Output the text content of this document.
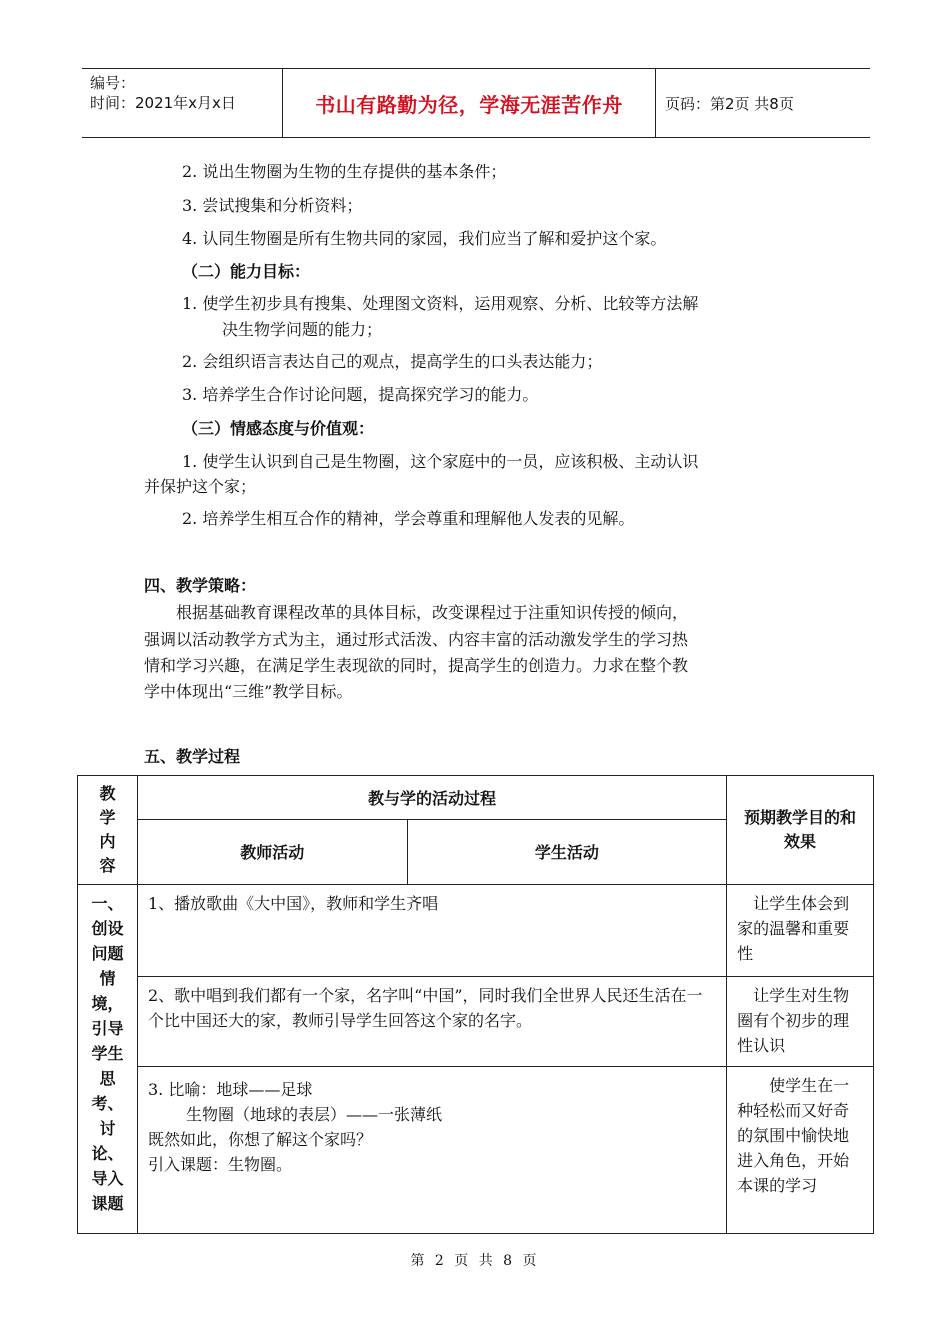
编号：
时间：2021年x月x日	书山有路勤为径，学海无涯苦作舟	页码：第2页 共8页
2. 说出生物圈为生物的生存提供的基本条件；
3. 尝试搜集和分析资料；
4. 认同生物圈是所有生物共同的家园，我们应当了解和爱护这个家。
（二）能力目标：
1. 使学生初步具有搜集、处理图文资料，运用观察、分析、比较等方法解
决生物学问题的能力；
2. 会组织语言表达自己的观点，提高学生的口头表达能力；
3. 培养学生合作讨论问题，提高探究学习的能力。
（三）情感态度与价值观：
1. 使学生认识到自己是生物圈，这个家庭中的一员，应该积极、主动认识
并保护这个家；
2. 培养学生相互合作的精神，学会尊重和理解他人发表的见解。
四、教学策略：
根据基础教育课程改革的具体目标，改变课程过于注重知识传授的倾向，
强调以活动教学方式为主，通过形式活泼、内容丰富的活动激发学生的学习热
情和学习兴趣，在满足学生表现欲的同时，提高学生的创造力。力求在整个教
学中体现出“三维”教学目标。
五、教学过程
教学内容	教与学的活动过程		预期教学目的和效果
	教师活动	学生活动	
一、创设问题情境，引导学生思考、讨论、导入课题	1、播放歌曲《大中国》，教师和学生齐唱		让学生体会到家的温馨和重要性

	2、歌中唱到我们都有一个家，名字叫“中国”，同时我们全世界人民还生活在一个比中国还大的家，教师引导学生回答这个家的名字。		让学生对生物圈有个初步的理性认识

	3. 比喻：地球——足球
生物圈（地球的表层）——一张薄纸
既然如此，你想了解这个家吗？
引入课题：生物圈。		使学生在一种轻松而又好奇的氛围中愉快地进入角色，开始本课的学习
第 2 页 共 8 页
